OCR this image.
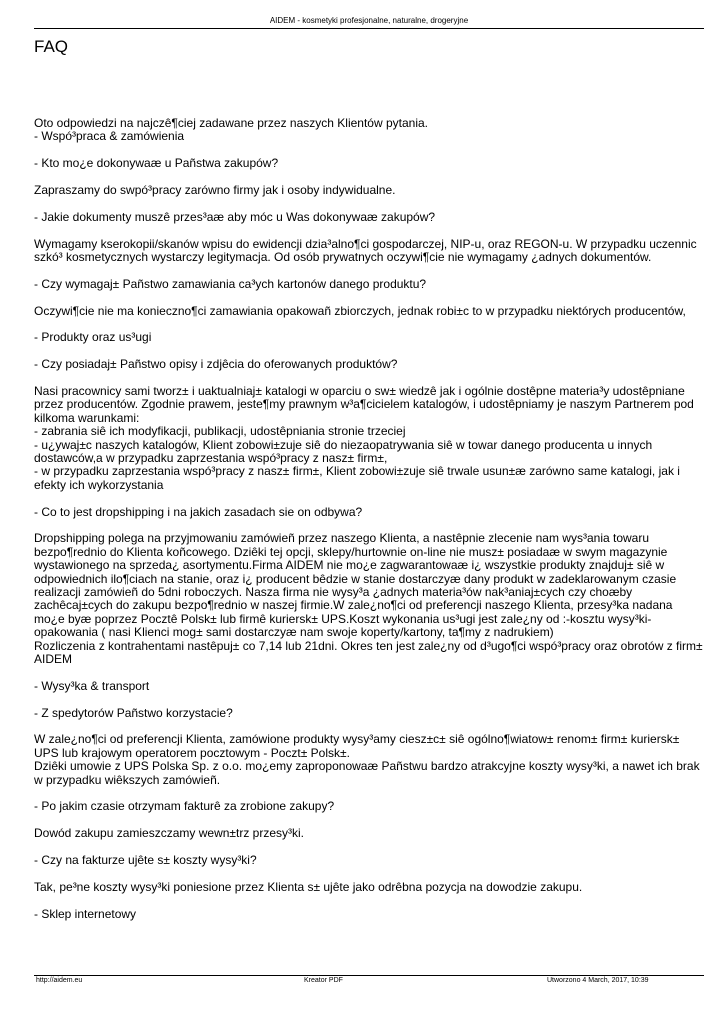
AIDEM - kosmetyki profesjonalne, naturalne, drogeryjne
FAQ

Oto odpowiedzi na najczê¶ciej zadawane przez naszych Klientów pytania.
- Wspó³praca & zamówienia

- Kto mo¿e dokonywaæ u Pañstwa zakupów?

Zapraszamy do swpó³pracy zarówno firmy jak i osoby indywidualne.

- Jakie dokumenty muszê przes³aæ aby móc u Was dokonywaæ zakupów?

Wymagamy kserokopii/skanów wpisu do ewidencji dzia³alno¶ci gospodarczej, NIP-u, oraz REGON-u. W przypadku uczennic szkó³ kosmetycznych wystarczy legitymacja. Od osób prywatnych oczywi¶cie nie wymagamy ¿adnych dokumentów.

- Czy wymagaj± Pañstwo zamawiania ca³ych kartonów danego produktu?

Oczywi¶cie nie ma konieczno¶ci zamawiania opakowañ zbiorczych, jednak robi±c to w przypadku niektórych producentów,

- Produkty oraz us³ugi

- Czy posiadaj± Pañstwo opisy i zdjêcia do oferowanych produktów?

Nasi pracownicy sami tworz± i uaktualniaj± katalogi w oparciu o sw± wiedzê jak i ogólnie dostêpne materia³y udostêpniane przez producentów. Zgodnie prawem, jeste¶my prawnym w³a¶cicielem katalogów, i udostêpniamy je naszym Partnerem pod kilkoma warunkami:
- zabrania siê ich modyfikacji, publikacji, udostêpniania stronie trzeciej
- u¿ywaj±c naszych katalogów, Klient zobowi±zuje siê do niezaopatrywania siê w towar danego producenta u innych dostawców,a w przypadku zaprzestania wspó³pracy z nasz± firm±,
- w przypadku zaprzestania wspó³pracy z nasz± firm±, Klient zobowi±zuje siê trwale usun±æ zarówno same katalogi, jak i efekty ich wykorzystania

- Co to jest dropshipping i na jakich zasadach sie on odbywa?

Dropshipping polega na przyjmowaniu zamówieñ przez naszego Klienta, a nastêpnie zlecenie nam wys³ania towaru bezpo¶rednio do Klienta koñcowego. Dziêki tej opcji, sklepy/hurtownie on-line nie musz± posiadaæ w swym magazynie wystawionego na sprzeda¿ asortymentu.Firma AIDEM nie mo¿e zagwarantowaæ i¿ wszystkie produkty znajduj± siê w odpowiednich ilo¶ciach na stanie, oraz i¿ producent bêdzie w stanie dostarczyæ dany produkt w zadeklarowanym czasie realizacji zamówieñ do 5dni roboczych. Nasza firma nie wysy³a ¿adnych materia³ów nak³aniaj±cych czy choæby zachêcaj±cych do zakupu bezpo¶rednio w naszej firmie.W zale¿no¶ci od preferencji naszego Klienta, przesy³ka nadana mo¿e byæ poprzez Pocztê Polsk± lub firmê kuriersk± UPS.Koszt wykonania us³ugi jest zale¿ny od :-kosztu wysy³ki-opakowania ( nasi Klienci mog± sami dostarczyæ nam swoje koperty/kartony, ta¶my z nadrukiem)
Rozliczenia z kontrahentami nastêpuj± co 7,14 lub 21dni. Okres ten jest zale¿ny od d³ugo¶ci wspó³pracy oraz obrotów z firm± AIDEM

- Wysy³ka & transport

- Z spedytorów Pañstwo korzystacie?

W zale¿no¶ci od preferencji Klienta, zamówione produkty wysy³amy ciesz±c± siê ogólno¶wiatow± renom± firm± kuriersk± UPS lub krajowym operatorem pocztowym - Poczt± Polsk±.
Dziêki umowie z UPS Polska Sp. z o.o. mo¿emy zaproponowaæ Pañstwu bardzo atrakcyjne koszty wysy³ki, a nawet ich brak w przypadku wiêkszych zamówieñ.

- Po jakim czasie otrzymam fakturê za zrobione zakupy?

Dowód zakupu zamieszczamy wewn±trz przesy³ki.

- Czy na fakturze ujête s± koszty wysy³ki?

Tak, pe³ne koszty wysy³ki poniesione przez Klienta s± ujête jako odrêbna pozycja na dowodzie zakupu.

- Sklep internetowy

http://aidem.eu	Kreator PDF	Utworzono 4 March, 2017, 10:39
